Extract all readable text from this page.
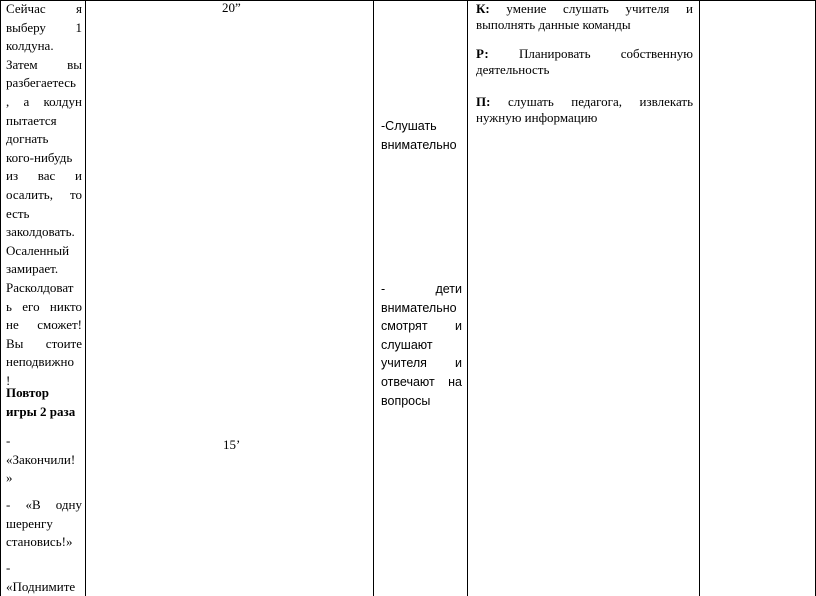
Сейчас я
выберу 1
колдуна.
Затем вы
разбегаетесь
, а колдун
пытается
догнать
кого-нибудь
из вас и
осалить, то
есть
заколдовать.
Осаленный
замирает.
Расколдоват
ь его никто
не сможет!
Вы стоите
неподвижно
!
Повтор
игры 2 раза
-
«Закончили!
»
- «В одну
шеренгу
становись!»
-
«Поднимите
20”
15’
-Слушать
внимательно
- дети
внимательно
смотрят и
слушают
учителя и
отвечают на
вопросы
К: умение слушать учителя и
выполнять данные команды
Р: Планировать собственную
деятельность
П: слушать педагога, извлекать
нужную информацию
